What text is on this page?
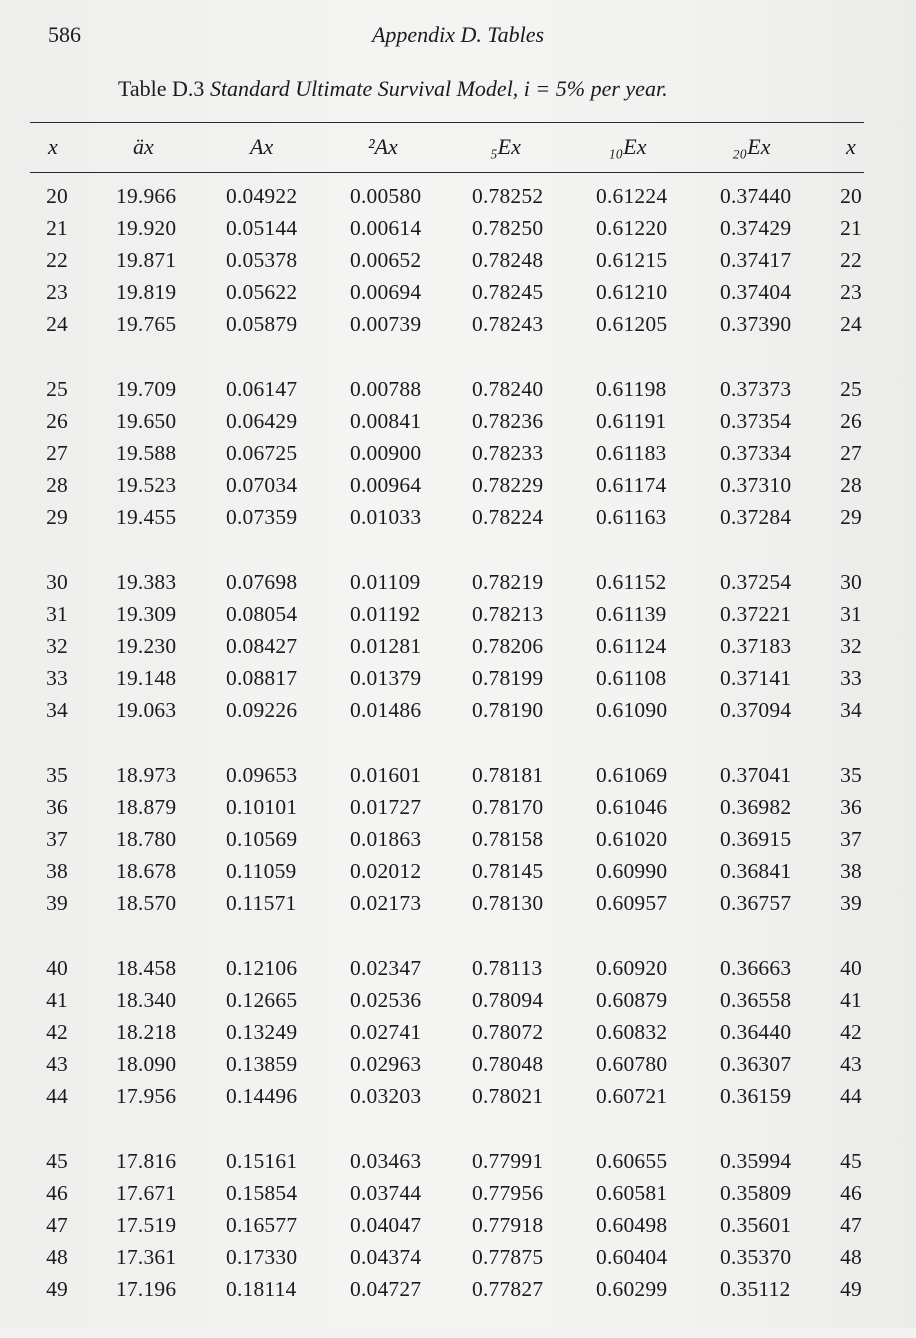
586	Appendix D. Tables
Table D.3 Standard Ultimate Survival Model, i = 5% per year.
x	äx	Ax	²Ax	₅Ex	₁₀Ex	₂₀Ex	x
20 19.966 0.04922 0.00580 0.78252 0.61224 0.37440	20
21 19.920 0.05144 0.00614 0.78250 0.61220 0.37429	21
22 19.871 0.05378 0.00652 0.78248 0.61215 0.37417	22
23 19.819 0.05622 0.00694 0.78245 0.61210 0.37404	23
24 19.765 0.05879 0.00739 0.78243 0.61205 0.37390	24
25 19.709 0.06147 0.00788 0.78240 0.61198 0.37373	25
26 19.650 0.06429 0.00841 0.78236 0.61191 0.37354	26
27 19.588 0.06725 0.00900 0.78233 0.61183 0.37334	27
28 19.523 0.07034 0.00964 0.78229 0.61174 0.37310	28
29 19.455 0.07359 0.01033 0.78224 0.61163 0.37284	29
30 19.383 0.07698 0.01109 0.78219 0.61152 0.37254	30
31 19.309 0.08054 0.01192 0.78213 0.61139 0.37221	31
32 19.230 0.08427 0.01281 0.78206 0.61124 0.37183	32
33 19.148 0.08817 0.01379 0.78199 0.61108 0.37141	33
34 19.063 0.09226 0.01486 0.78190 0.61090 0.37094	34
35 18.973 0.09653 0.01601 0.78181 0.61069 0.37041	35
36 18.879 0.10101 0.01727 0.78170 0.61046 0.36982	36
37 18.780 0.10569 0.01863 0.78158 0.61020 0.36915	37
38 18.678 0.11059 0.02012 0.78145 0.60990 0.36841	38
39 18.570 0.11571 0.02173 0.78130 0.60957 0.36757	39
40 18.458 0.12106 0.02347 0.78113 0.60920 0.36663	40
41 18.340 0.12665 0.02536 0.78094 0.60879 0.36558	41
42 18.218 0.13249 0.02741 0.78072 0.60832 0.36440	42
43 18.090 0.13859 0.02963 0.78048 0.60780 0.36307	43
44 17.956 0.14496 0.03203 0.78021 0.60721 0.36159	44
45 17.816 0.15161 0.03463 0.77991 0.60655 0.35994	45
46 17.671 0.15854 0.03744 0.77956 0.60581 0.35809	46
47 17.519 0.16577 0.04047 0.77918 0.60498 0.35601	47
48 17.361 0.17330 0.04374 0.77875 0.60404 0.35370	48
49 17.196 0.18114 0.04727 0.77827 0.60299 0.35112	49
